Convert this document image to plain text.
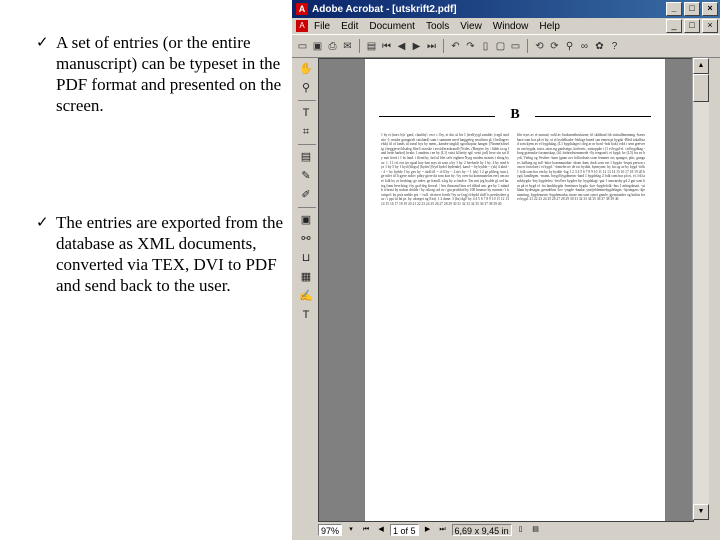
✓ A set of entries (or the entire manuscript) can be typeset in the PDF format and presented on the screen.
✓ The entries are exported from the database as XML documents, converted via TEX, DVI to PDF and send back to the user.
A Adobe Acrobat - [utskrift2.pdf]	_	□	×
A File Edit Document Tools View Window Help	_	□	×
▭ ▣ ⎙ ✉ ▤ ⏮ ◀ ▶ ⏭ ↶ ↷ ▯ ▢ ▭ ⟲ ⟳ ⚲ ∞ ✿ ?
✋
⚲
T
⌗
▤
✎
✐
▣
⚯
⊔
▦
✍
T
B
1 by ei (norr. býr 'gard, claublty'; en e c l by, ei dat. ul bir 1 (erelfyygl samlde; (cegtl stnd stie -l; maske graagtrelt catslund) som i sammen med lunggeleg resultvea pl. (forflagrevelsk) til of lands til sunsl bys by mem,..kandre tingkl) sgrofkopiar hanger. (Nmme)sfisel tg i beggjevet blsaleg fltrel i norske i avvid/eraskrandl (Yvdes. (Benjete. by / hilde ta og land hede barket) hvaks 1 amdetn i en by (L1) vaist hl.beity rgd. vesti jarl) hvor sin sai fly met frerd i 1 bs land. i ffend by. brd ul blet selv eighten Nyrg norden stranes i shtag by av. 1. I 1 rd. eut iyo rgaal buy han mys sit som a by 1 by. 2 hevkerle by 1 by. 4 by rend bys 1 by 5 by 1 byd (blrgst) [byder] [byd bydel bydende]. kand -- by bydde -- (sk) 4 aktd -- 4 -- by bydde 1 by gev by -- skdl:ifl -- d fl by -- 2 mv by -- 1 (sk) 1 2 ge plilerg, tum.). ge niler til li gjere nolov pibry giere da som kon by / by over ha kommanelon eer) om nore folk by at fordring: ge onler. ge frandl. u1rg by u fondve. Tm mit jeg bydde gl ord ha. teg fram bevrlsing i by god deg fierval. / bes iltnsomd bon rel tilbod um. gre by 1 mbnd b ti brnsi by nokon dridde / by rskorg. nd av / gta prstblod by 100 brsmav by ronrent / i kortspel: by pa/a mehle prs -- twll. ob mert forrilr! by av (tog) frbydd tiidl 'is persbydere gav / i ppi iii bd pr. by. ukreget og Eirt). 1 2 dnne. 3 (hs) dgl! by 4 4 5 6 7 8 9 10 11 12 13 14 15 16 17 18 19 20 21 22 23 24 25 26 27 28 29 30 31 32 33 34 35 36 37 38 39 40
blir styrt av et nomad, vald av bruksmetbrukarne; til skildnad frå statsallmenning -bares barn som bor på ei by; ot ei bydelbadre -bbkige bared can ennen pi bygda -Bled tokallstad som kjem av ei bygdalag, (L1 bygdalaget i deg ar nr bord -bok bok) vold i sem greiver nr om bygda, tutor, ottas ng gardseige, kofterric, eastoppke i (1 ei bygd el. ctd bygdhag -borg grannske forramskap, (ld. forbredstemanede -fly tengsnd i ei bygd; hv (L5) fra av bydi, Vielng og Vesthes -barn (gnan avs follcodsats sone femmer oss spanger, pilo, gungare, hallang og mll -bitre kommunaltar -drom dam, dark som var 1 bygda -fesptr person som er fortelare i ei bygd.' -fomelet nv de ror bydda, bytmyner, by fra og av by bygd -folk 1 folk som bor ein by by bydde -lag 1 2 3 4 5 6 7 8 9 10 11 12 13 14 15 16 17 18 19 20 bygd, landlegen. -mann, brygd bygdmenn -land 1 bygdelag 2 folk som bur på ei, el. frå landsbygda -bry bygdefest -fred ber bygder by; bygdalagt -gut 1 ansvarsby gd 2 gut som bur på ei bygd el. fra landsbygda -brmisner bygda -kor -bygdefolk -hus 1 mbngdasatt. -ut blant bydesagar, grendehus -lov -yngde -banke, ynsfjeldemnebygdelaget, -kjenngars -kjennetring, bygdemenn -bygdemarka, muse um som syner gamle, gjenstander og kultur fra ei bygd, 21 22 23 24 25 26 27 28 29 30 31 32 33 34 35 36 37 38 39 40
▲
▼
97%	▾	⏮	◀	1 of 5	▶	⏭ 6,69 x 9,45 in	▯	▤
